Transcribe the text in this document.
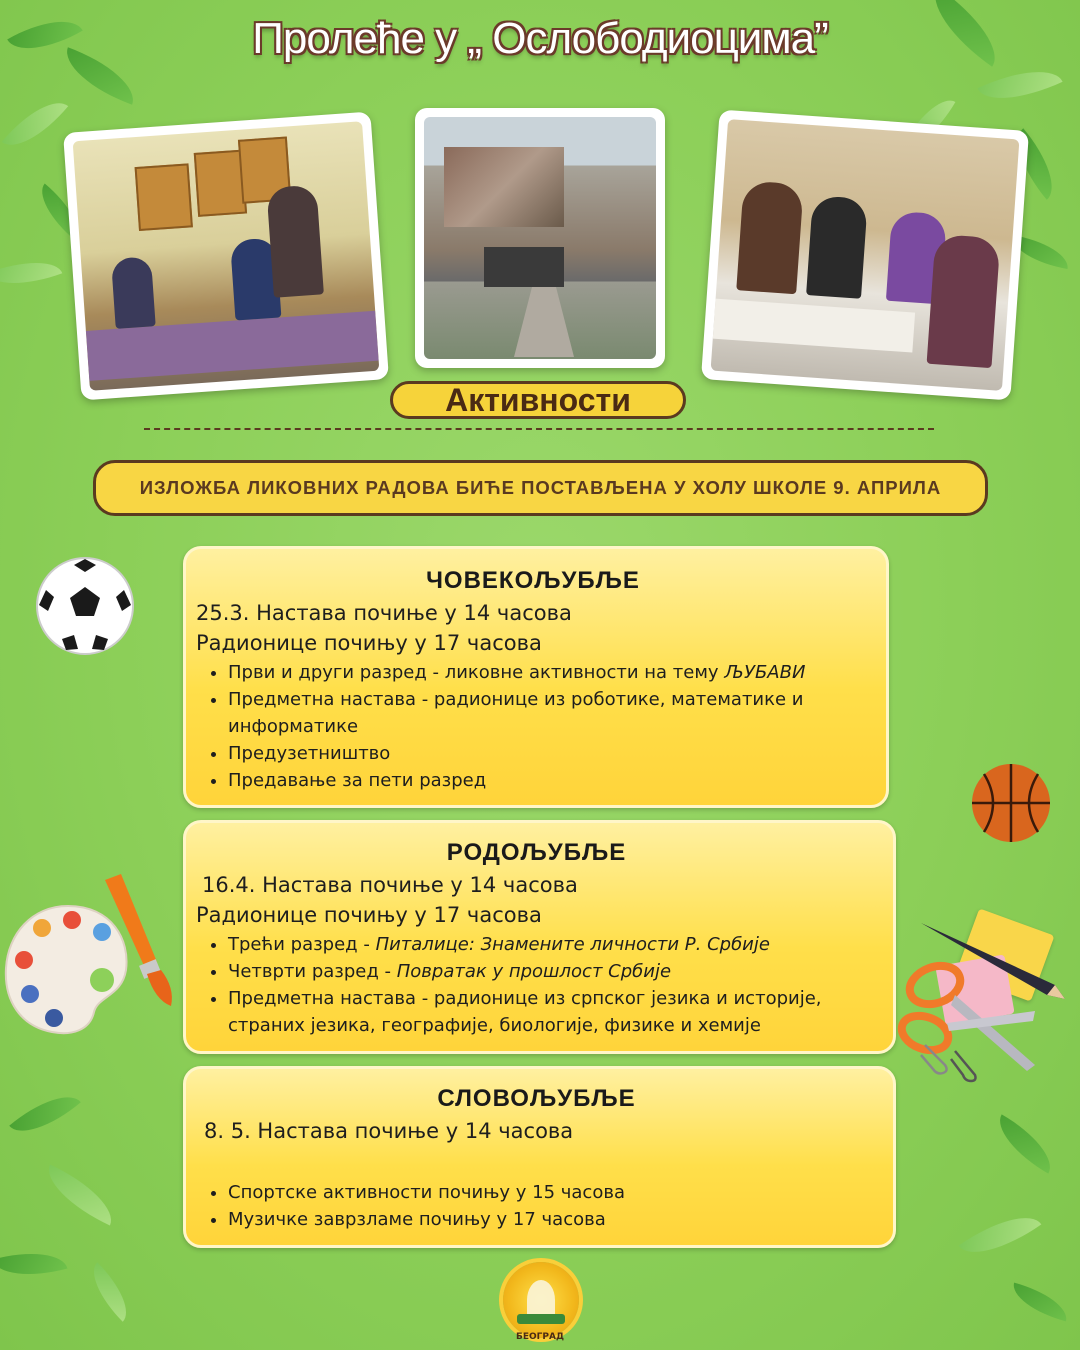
Пролеће у „ Ослободиоцима”
Активности
ИЗЛОЖБА ЛИКОВНИХ РАДОВА БИЋЕ ПОСТАВЉЕНА У ХОЛУ ШКОЛЕ 9. АПРИЛА
ЧОВЕКОЉУБЉЕ
25.3. Настава почиње у 14 часова
Радионице почињу у 17 часова
• Први и други разред - ликовне активности на тему ЉУБАВИ
• Предметна настава - радионице из роботике, математике и информатике
• Предузетништво
• Предавање за пети разред
РОДОЉУБЉЕ
16.4. Настава почиње у 14 часова
Радионице почињу у 17 часова
• Трећи разред - Питалице: Знамените личности Р. Србије
• Четврти разред - Повратак у прошлост Србије
• Предметна настава - радионице из српског језика и историје, страних језика, географије, биологије, физике и хемије
СЛОВОЉУБЉЕ
8. 5. Настава почиње у 14 часова
• Спортске активности почињу у 15 часова
• Музичке заврзламе почињу у 17 часова
БЕОГРАД
